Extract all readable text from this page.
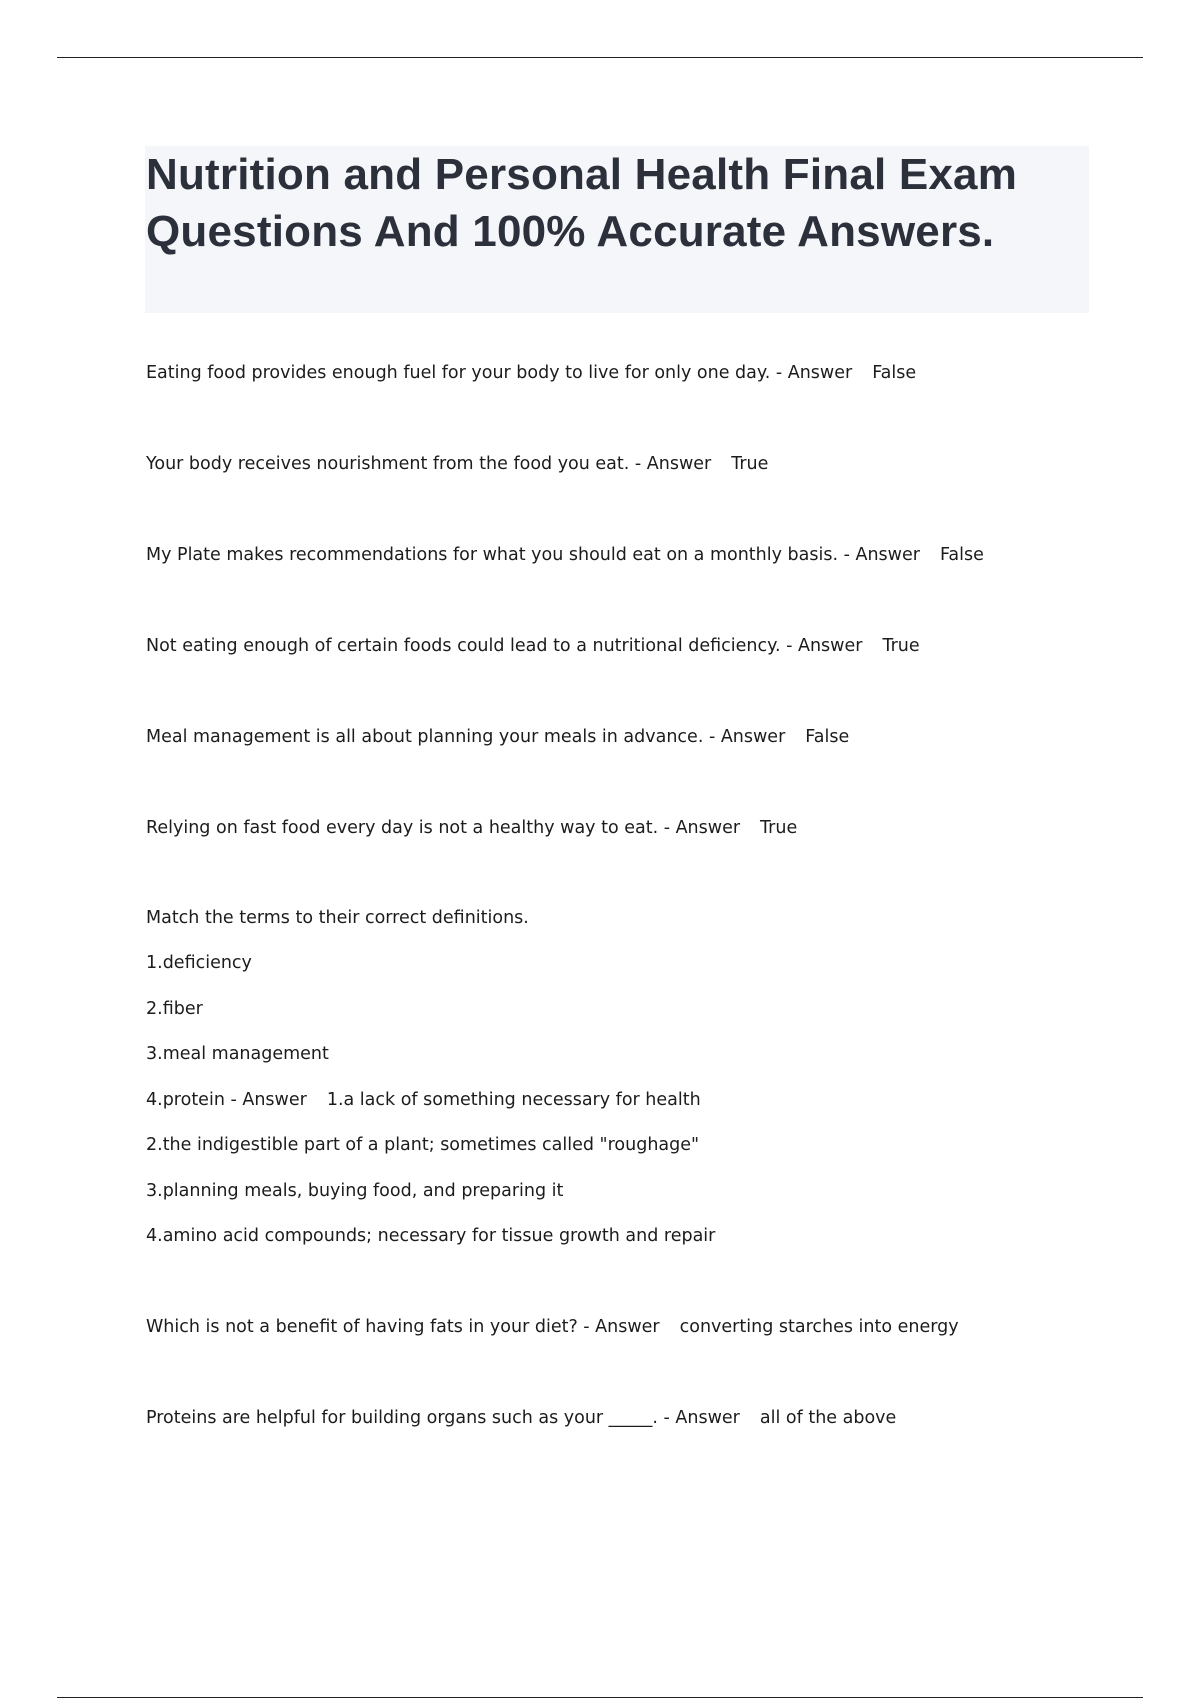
Nutrition and Personal Health Final Exam Questions And 100% Accurate Answers.

Eating food provides enough fuel for your body to live for only one day. - Answer False

Your body receives nourishment from the food you eat. - Answer True

My Plate makes recommendations for what you should eat on a monthly basis. - Answer False

Not eating enough of certain foods could lead to a nutritional deficiency. - Answer True

Meal management is all about planning your meals in advance. - Answer False

Relying on fast food every day is not a healthy way to eat. - Answer True

Match the terms to their correct definitions.

1.deficiency

2.fiber

3.meal management

4.protein - Answer 1.a lack of something necessary for health

2.the indigestible part of a plant; sometimes called "roughage"

3.planning meals, buying food, and preparing it

4.amino acid compounds; necessary for tissue growth and repair

Which is not a benefit of having fats in your diet? - Answer converting starches into energy

Proteins are helpful for building organs such as your _____. - Answer all of the above
